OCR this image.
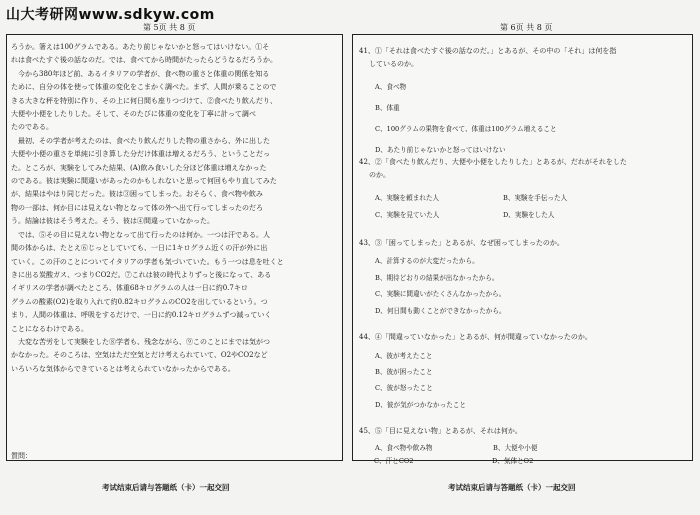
山大考研网www.sdkyw.com
第 5页 共 8 页	第 6页 共 8 页

ろうか。箸えは100グラムである。あたり前じゃないかと怒ってはいけない。①そ

れは食べたすぐ後の話なのだ。では、食べてから時間がたったらどうなるだろうか。

今から380年ほど前、あるイタリアの学者が、食べ物の重さと体重の関係を知る

ために、自分の体を使って体重の変化をこまかく調べた。まず、人間が乗ることので

きる大きな秤を特別に作り、その上に何日間も座りつづけて、②食べたり飲んだり、

大便や小便をしたりした。そして、そのたびに体重の変化を丁寧に計って調べ

たのである。

最初、その学者が考えたのは、食べたり飲んだりした物の重さから、外に出した

大便や小便の重さを単純に引き算した分だけ体重は増えるだろう、ということだっ

た。ところが、実験をしてみた結果、(A)飲み食いした分ほど体重は増えなかった

のである。彼は実験に間違いがあったのかもしれないと思って何回もやり直してみた

が、結果はやはり同じだった。彼は③困ってしまった。おそらく、食べ物や飲み

物の一部は、何か目には見えない物となって体の外へ出て行ってしまったのだろ

う。結論は彼はそう考えた。そう、彼は④間違っていなかった。

では、⑤その目に見えない物となって出て行ったのは何か。一つは汗である。人

間の体からは、たとえ⑥じっとしていても、一日に1キログラム近くの汗が外に出

ていく。この汗のことについてイタリアの学者も気づいていた。もう一つは息を吐くと

きに出る炭酸ガス、つまりCO2だ。⑦これは彼の時代よりずっと後になって、ある

イギリスの学者が調べたところ、体重68キログラムの人は一日に約0.7キロ

グラムの酸素(O2)を取り入れて約0.82キログラムのCO2を出しているという。つ

まり、人間の体重は、呼吸をするだけで、一日に約0.12キログラムずつ減っていく

ことになるわけである。

大変な苦労をして実験をした⑧学者も、残念ながら、⑨このことにまでは気がつ

かなかった。そのころは、空気はただ空気とだけ考えられていて、O2やCO2など

いろいろな気体からできているとは考えられていなかったからである。

質問：
41、①「それは食べたすぐ後の話なのだ。」とあるが、その中の「それ」は何を指
しているのか。
A、食べ物
B、体重
C、100グラムの果物を食べて、体重は100グラム増えること
D、あたり前じゃないかと怒ってはいけない
42、②「食べたり飲んだり、大便や小便をしたりした」とあるが、だれがそれをした
のか。
A、実験を頼まれた人	B、実験を手伝った人
C、実験を見ていた人	D、実験をした人
43、③「困ってしまった」とあるが、なぜ困ってしまったのか。
A、計算するのが大変だったから。
B、期待どおりの結果が出なかったから。
C、実験に間違いがたくさんなかったから。
D、何日間も動くことができなかったから。
44、④「間違っていなかった」とあるが、何が間違っていなかったのか。
A、彼が考えたこと
B、彼が困ったこと
C、彼が怒ったこと
D、彼が気がつかなかったこと
45、⑤「目に見えない物」とあるが、それは何か。
A、食べ物や飲み物	B、大便や小便
C、汗とCO2	D、気体とO2
考试结束后请与答题纸（卡）一起交回	考试结束后请与答题纸（卡）一起交回
